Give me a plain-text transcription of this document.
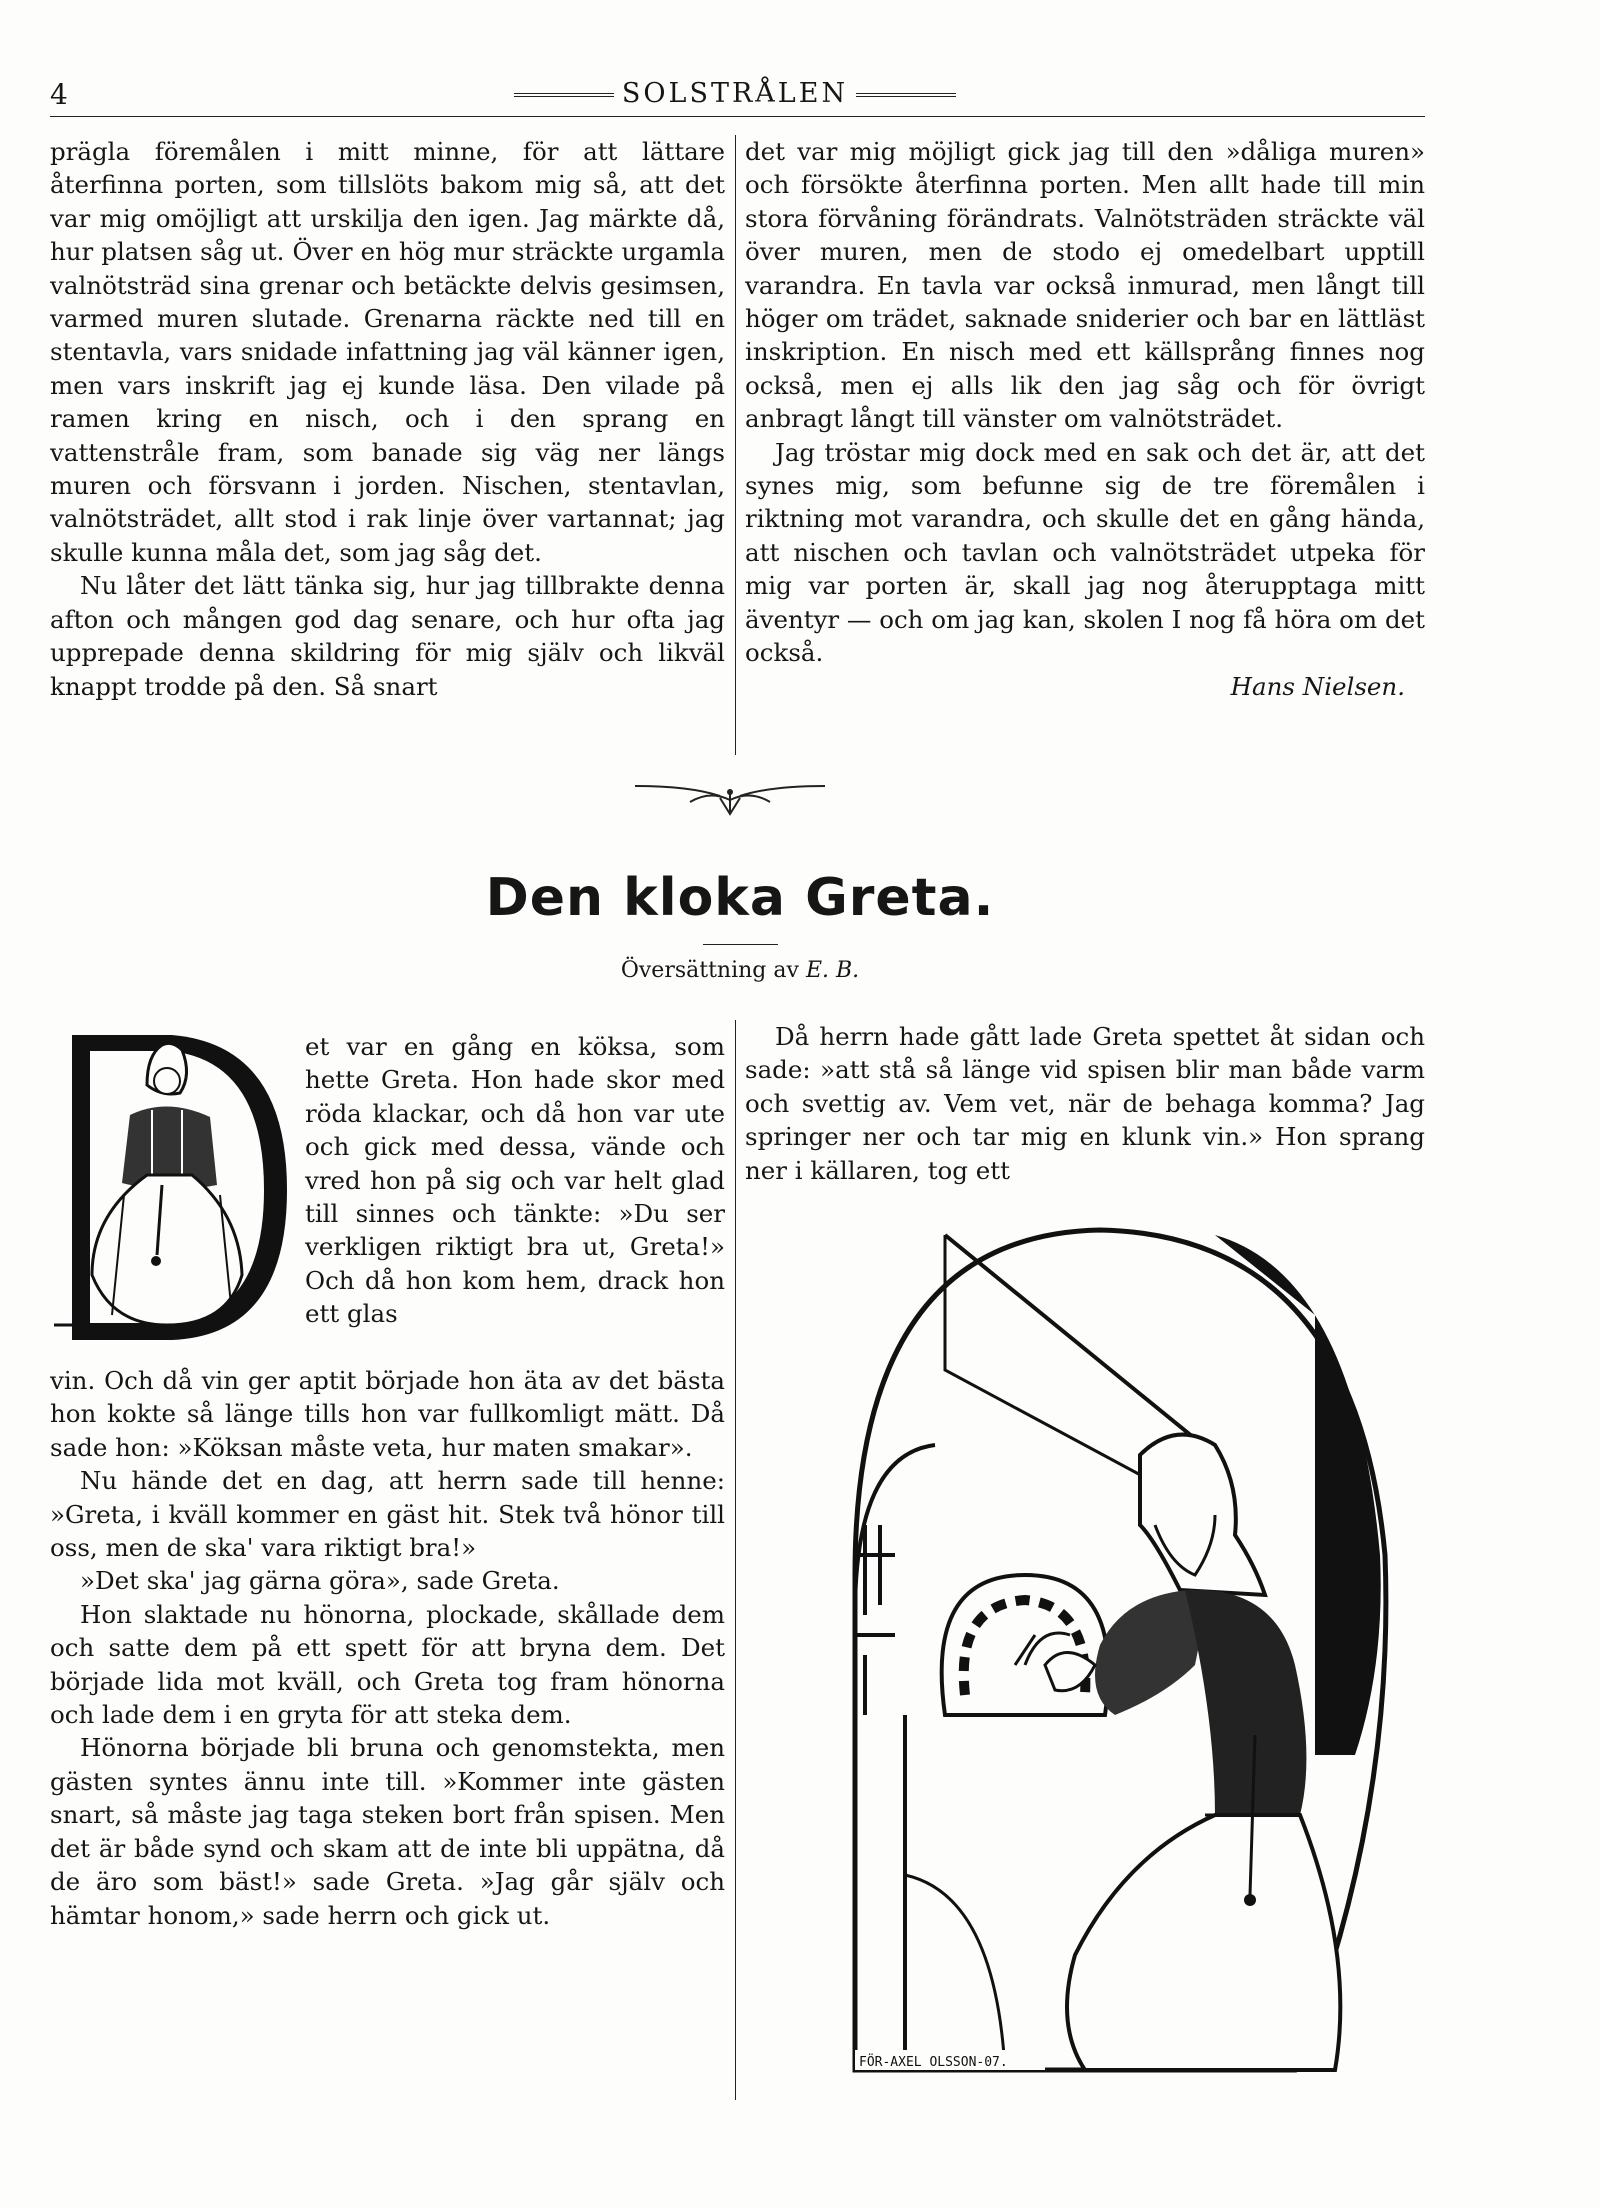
4	SOLSTRÅLEN

prägla föremålen i mitt minne, för att lättare återfinna porten, som tillslöts bakom mig så, att det var mig omöjligt att urskilja den igen. Jag märkte då, hur platsen såg ut. Över en hög mur sträckte urgamla valnötsträd sina grenar och betäckte delvis gesimsen, varmed muren slutade. Grenarna räckte ned till en stentavla, vars snidade infattning jag väl känner igen, men vars inskrift jag ej kunde läsa. Den vilade på ramen kring en nisch, och i den sprang en vattenstråle fram, som banade sig väg ner längs muren och försvann i jorden. Nischen, stentavlan, valnötsträdet, allt stod i rak linje över vartannat; jag skulle kunna måla det, som jag såg det.

Nu låter det lätt tänka sig, hur jag tillbrakte denna afton och mången god dag senare, och hur ofta jag upprepade denna skildring för mig själv och likväl knappt trodde på den. Så snart

det var mig möjligt gick jag till den »dåliga muren» och försökte återfinna porten. Men allt hade till min stora förvåning förändrats. Valnötsträden sträckte väl över muren, men de stodo ej omedelbart upptill varandra. En tavla var också inmurad, men långt till höger om trädet, saknade sniderier och bar en lättläst inskription. En nisch med ett källsprång finnes nog också, men ej alls lik den jag såg och för övrigt anbragt långt till vänster om valnötsträdet.

Jag tröstar mig dock med en sak och det är, att det synes mig, som befunne sig de tre föremålen i riktning mot varandra, och skulle det en gång hända, att nischen och tavlan och valnötsträdet utpeka för mig var porten är, skall jag nog återupptaga mitt äventyr — och om jag kan, skolen I nog få höra om det också.

Hans Nielsen.

Den kloka Greta.
Översättning av E. B.

et var en gång en köksa, som hette Greta. Hon hade skor med röda klackar, och då hon var ute och gick med dessa, vände och vred hon på sig och var helt glad till sinnes och tänkte: »Du ser verkligen riktigt bra ut, Greta!» Och då hon kom hem, drack hon ett glas

vin. Och då vin ger aptit började hon äta av det bästa hon kokte så länge tills hon var fullkomligt mätt. Då sade hon: »Köksan måste veta, hur maten smakar».

Nu hände det en dag, att herrn sade till henne: »Greta, i kväll kommer en gäst hit. Stek två hönor till oss, men de ska' vara riktigt bra!»

»Det ska' jag gärna göra», sade Greta.

Hon slaktade nu hönorna, plockade, skållade dem och satte dem på ett spett för att bryna dem. Det började lida mot kväll, och Greta tog fram hönorna och lade dem i en gryta för att steka dem.

Hönorna började bli bruna och genomstekta, men gästen syntes ännu inte till. »Kommer inte gästen snart, så måste jag taga steken bort från spisen. Men det är både synd och skam att de inte bli uppätna, då de äro som bäst!» sade Greta. »Jag går själv och hämtar honom,» sade herrn och gick ut.

Då herrn hade gått lade Greta spettet åt sidan och sade: »att stå så länge vid spisen blir man både varm och svettig av. Vem vet, när de behaga komma? Jag springer ner och tar mig en klunk vin.» Hon sprang ner i källaren, tog ett

FÖR-AXEL OLSSON-07.
